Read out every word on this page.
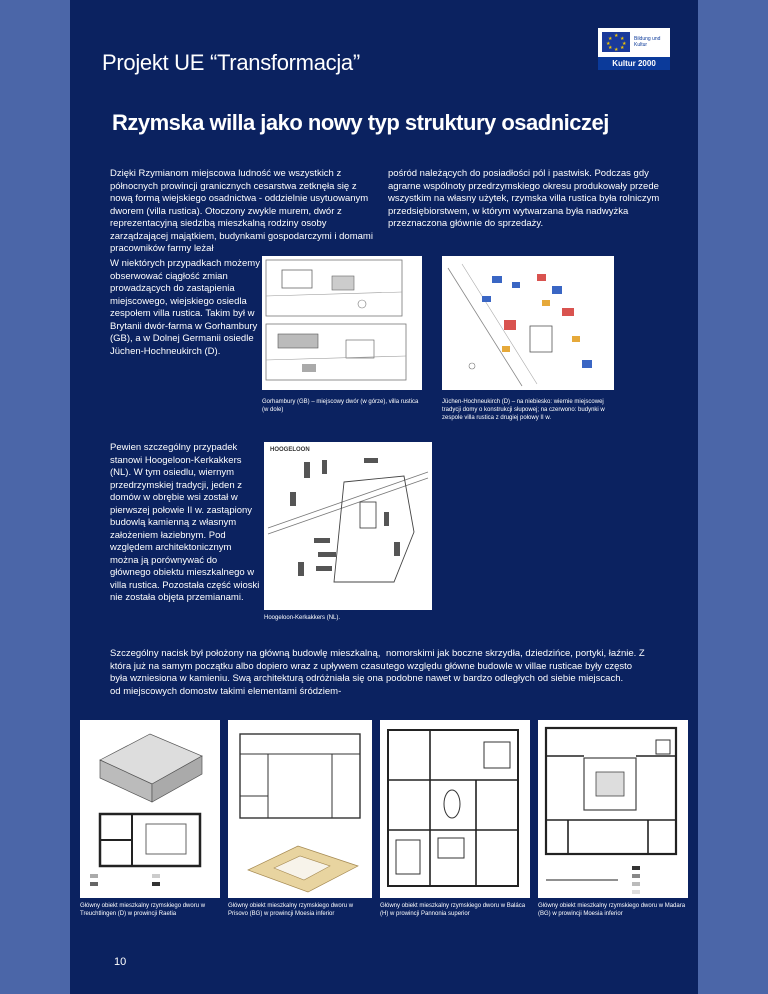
Projekt UE “Transformacja”
★
★ ★
★ ★
★ ★
★
Bildung und Kultur
Kultur 2000
Rzymska willa jako nowy typ struktury osadniczej

Dzięki Rzymianom miejscowa ludność we wszystkich z północnych prowincji granicznych cesarstwa zetknęła się z nową formą wiejskiego osadnictwa - oddzielnie usytuowanym dworem (villa rustica). Otoczony zwykle murem, dwór z reprezentacyjną siedzibą mieszkalną rodziny osoby zarządzającej majątkiem, budynkami gospodarczymi i domami pracowników farmy leżał

pośród należących do posiadłości pól i pastwisk. Podczas gdy agrarne wspólnoty przedrzymskiego okresu produkowały przede wszystkim na własny użytek, rzymska villa rustica była rolniczym przedsiębiorstwem, w którym wytwarzana była nadwyżka przeznaczona głównie do sprzedaży.

W niektórych przypadkach możemy obserwować ciągłość zmian prowadzących do zastąpienia miejscowego, wiejskiego osiedla zespołem villa rustica. Takim był w Brytanii dwór-farma w Gorhambury (GB), a w Dolnej Germanii osiedle Jüchen-Hochneukirch (D).

Gorhambury (GB) – miejscowy dwór (w górze), villa rustica (w dole)

Jüchen-Hochneukirch (D) – na niebiesko: wiernie miejscowej tradycji domy o konstrukcji słupowej; na czerwono: budynki w zespole villa rustica z drugiej połowy II w.

Pewien szczególny przypadek stanowi Hoogeloon-Kerkakkers (NL). W tym osiedlu, wiernym przedrzymskiej tradycji, jeden z domów w obrębie wsi został w pierwszej połowie II w. zastąpiony budowlą kamienną z własnym założeniem łaziebnym. Pod względem architektonicznym można ją porównywać do głównego obiektu mieszkalnego w villa rustica. Pozostała część wioski nie została objęta przemianami.

HOOGELOON

Hoogeloon-Kerkakkers (NL).

Szczególny nacisk był położony na główną budowlę mieszkalną, która już na samym początku albo dopiero wraz z upływem czasu była wzniesiona w kamieniu. Swą architekturą odróżniała się ona od miejscowych domostw takimi elementami śródziem-

nomorskimi jak boczne skrzydła, dziedzińce, portyki, łaźnie. Z tego względu główne budowle w villae rusticae były często podobne nawet w bardzo odległych od siebie miejscach.

Główny obiekt mieszkalny rzymskiego dworu w Treuchtlingen (D) w prowincji Raetia

Główny obiekt mieszkalny rzymskiego dworu w Prisovo (BG) w prowincji Moesia inferior

Główny obiekt mieszkalny rzymskiego dworu w Baláca (H) w prowincji Pannonia superior

Główny obiekt mieszkalny rzymskiego dworu w Madara (BG) w prowincji Moesia inferior

10
